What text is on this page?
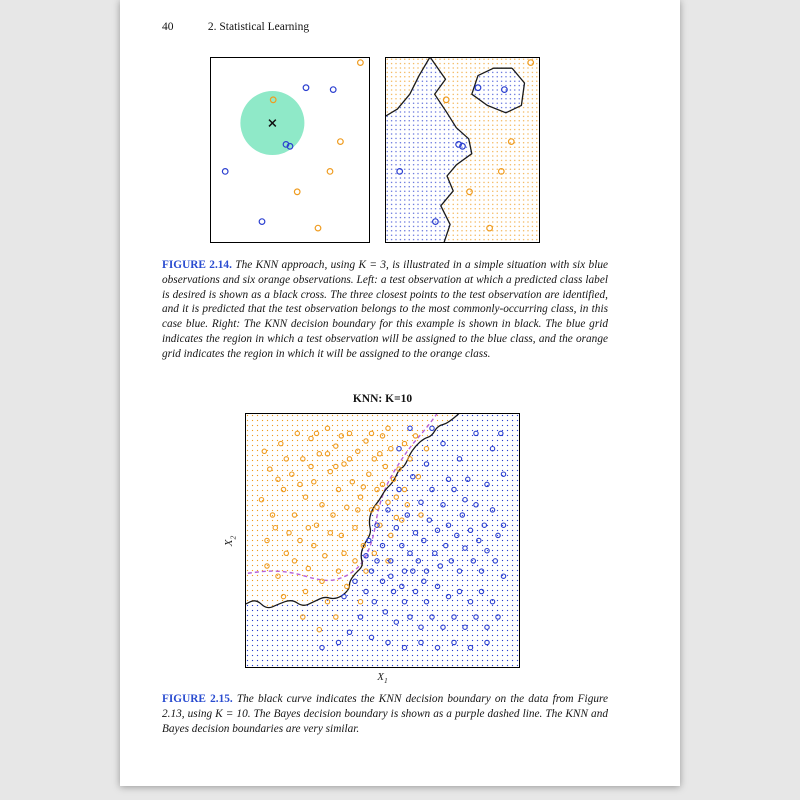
40	2. Statistical Learning

FIGURE 2.14. The KNN approach, using K = 3, is illustrated in a simple situation with six blue observations and six orange observations. Left: a test observation at which a predicted class label is desired is shown as a black cross. The three closest points to the test observation are identified, and it is predicted that the test observation belongs to the most commonly-occurring class, in this case blue. Right: The KNN decision boundary for this example is shown in black. The blue grid indicates the region in which a test observation will be assigned to the blue class, and the orange grid indicates the region in which it will be assigned to the orange class.

KNN: K=10
$X_2$
$X_1$

FIGURE 2.15. The black curve indicates the KNN decision boundary on the data from Figure 2.13, using K = 10. The Bayes decision boundary is shown as a purple dashed line. The KNN and Bayes decision boundaries are very similar.
